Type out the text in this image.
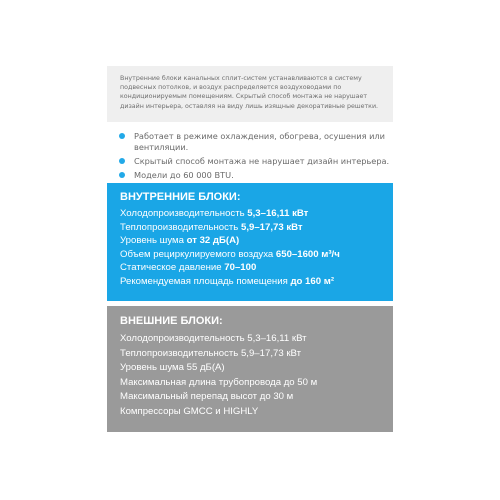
Внутренние блоки канальных сплит-систем устанавливаются в систему подвесных потолков, и воздух распределяется воздуховодами по кондиционируемым помещениям. Скрытый способ монтажа не нарушает дизайн интерьера, оставляя на виду лишь изящные декоративные решетки.
Работает в режиме охлаждения, обогрева, осушения или вентиляции.
Скрытый способ монтажа не нарушает дизайн интерьера.
Модели до 60 000 BTU.
ВНУТРЕННИЕ БЛОКИ:
Холодопроизводительность 5,3–16,11 кВт
Теплопроизводительность 5,9–17,73 кВт
Уровень шума от 32 дБ(А)
Объем рециркулируемого воздуха 650–1600 м³/ч
Статическое давление 70–100
Рекомендуемая площадь помещения до 160 м²
ВНЕШНИЕ БЛОКИ:
Холодопроизводительность 5,3–16,11 кВт
Теплопроизводительность 5,9–17,73 кВт
Уровень шума 55 дБ(А)
Максимальная длина трубопровода до 50 м
Максимальный перепад высот до 30 м
Компрессоры GMCC и HIGHLY
